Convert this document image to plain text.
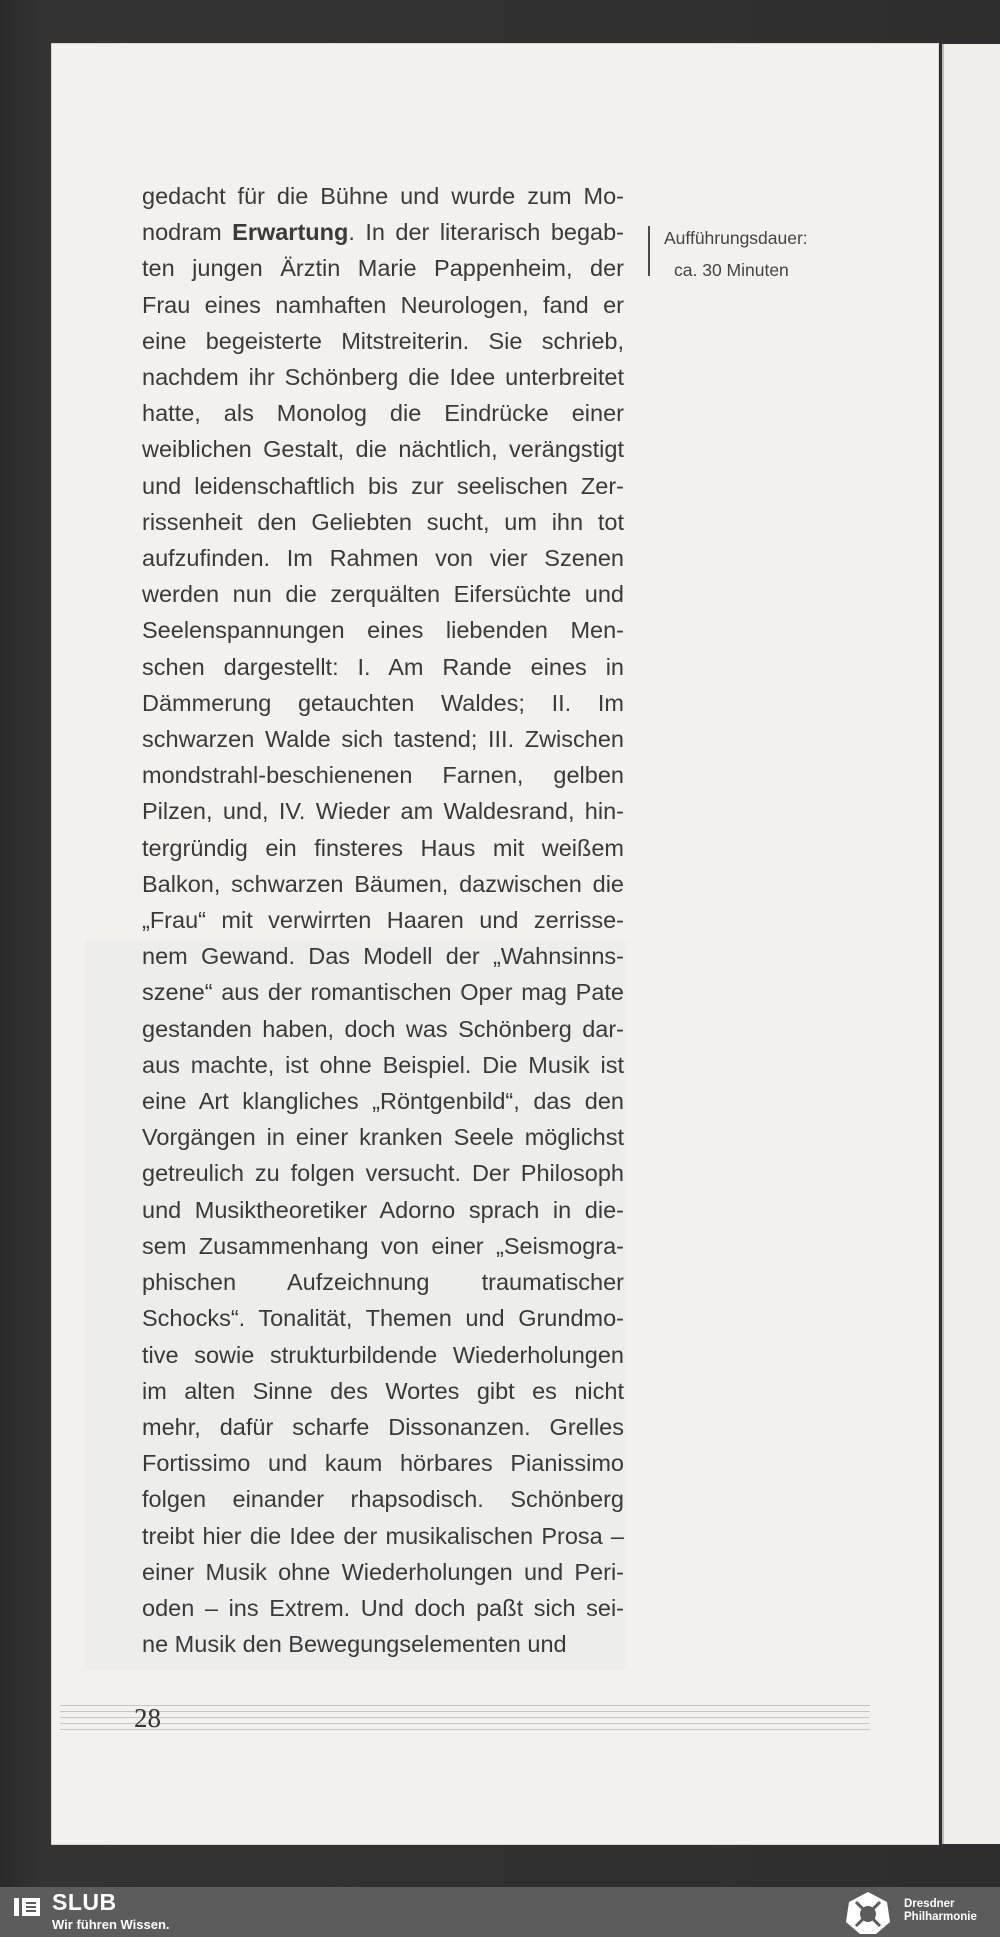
gedacht für die Bühne und wurde zum Mo-
nodram Erwartung. In der literarisch begab-
ten jungen Ärztin Marie Pappenheim, der
Frau eines namhaften Neurologen, fand er
eine begeisterte Mitstreiterin. Sie schrieb,
nachdem ihr Schönberg die Idee unterbreitet
hatte, als Monolog die Eindrücke einer
weiblichen Gestalt, die nächtlich, verängstigt
und leidenschaftlich bis zur seelischen Zer-
rissenheit den Geliebten sucht, um ihn tot
aufzufinden. Im Rahmen von vier Szenen
werden nun die zerquälten Eifersüchte und
Seelenspannungen eines liebenden Men-
schen dargestellt: I. Am Rande eines in
Dämmerung getauchten Waldes; II. Im
schwarzen Walde sich tastend; III. Zwischen
mondstrahl-beschienenen Farnen, gelben
Pilzen, und, IV. Wieder am Waldesrand, hin-
tergründig ein finsteres Haus mit weißem
Balkon, schwarzen Bäumen, dazwischen die
„Frau“ mit verwirrten Haaren und zerrisse-
nem Gewand. Das Modell der „Wahnsinns-
szene“ aus der romantischen Oper mag Pate
gestanden haben, doch was Schönberg dar-
aus machte, ist ohne Beispiel. Die Musik ist
eine Art klangliches „Röntgenbild“, das den
Vorgängen in einer kranken Seele möglichst
getreulich zu folgen versucht. Der Philosoph
und Musiktheoretiker Adorno sprach in die-
sem Zusammenhang von einer „Seismogra-
phischen Aufzeichnung traumatischer
Schocks“. Tonalität, Themen und Grundmo-
tive sowie strukturbildende Wiederholungen
im alten Sinne des Wortes gibt es nicht
mehr, dafür scharfe Dissonanzen. Grelles
Fortissimo und kaum hörbares Pianissimo
folgen einander rhapsodisch. Schönberg
treibt hier die Idee der musikalischen Prosa –
einer Musik ohne Wiederholungen und Peri-
oden – ins Extrem. Und doch paßt sich sei-
ne Musik den Bewegungselementen und
Aufführungsdauer:
ca. 30 Minuten
28
SLUB
Wir führen Wissen.
Dresdner
Philharmonie
